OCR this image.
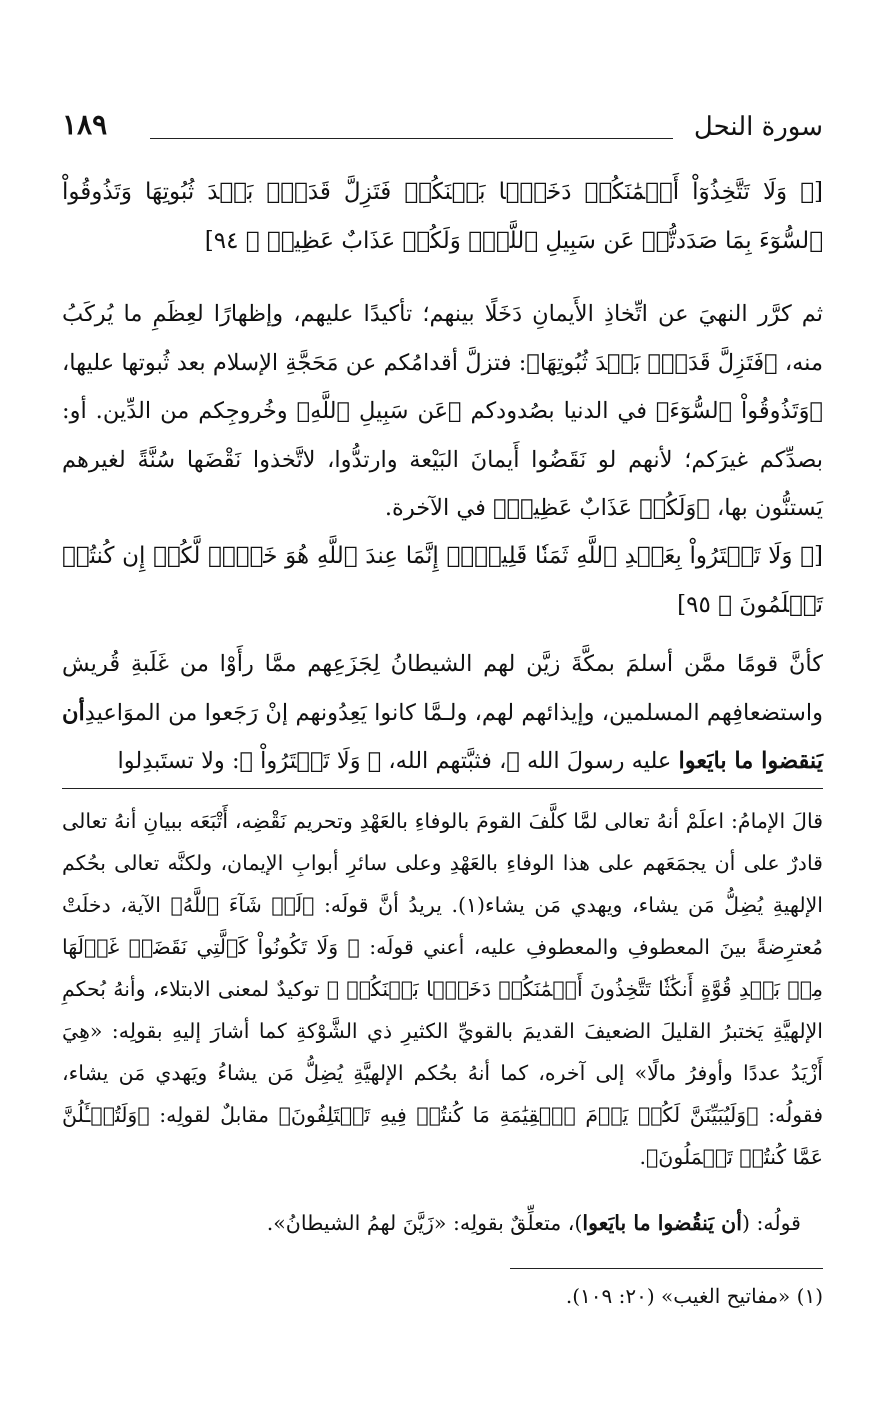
سورة النحل
١٨٩

[﴿ وَلَا تَتَّخِذُوٓاْ أَيۡمَٰنَكُمۡ دَخَلَۢا بَيۡنَكُمۡ فَتَزِلَّ قَدَمُۢ بَعۡدَ ثُبُوتِهَا وَتَذُوقُواْ ٱلسُّوٓءَ بِمَا صَدَدتُّمۡ عَن سَبِيلِ ٱللَّهِۖ وَلَكُمۡ عَذَابٌ عَظِيمٞ ﴾ ٩٤]

ثم كرَّر النهيَ عن اتِّخاذِ الأَيمانِ دَخَلًا بينهم؛ تأكيدًا عليهم، وإظهارًا لعِظَمِ ما يُركَبُ منه، ﴿فَتَزِلَّ قَدَمُۢ بَعۡدَ ثُبُوتِهَا﴾: فتزلَّ أقدامُكم عن مَحَجَّةِ الإسلام بعد ثُبوتها عليها، ﴿وَتَذُوقُواْ ٱلسُّوٓءَ﴾ في الدنيا بصُدودكم ﴿عَن سَبِيلِ ٱللَّهِ﴾ وخُروجِكم من الدِّين. أو: بصدِّكم غيرَكم؛ لأنهم لو نَقَضُوا أَيمانَ البَيْعة وارتدُّوا، لاتَّخذوا نَقْضَها سُنَّةً لغيرهم يَستنُّون بها، ﴿وَلَكُمۡ عَذَابٌ عَظِيمٞ﴾ في الآخرة.

[﴿ وَلَا تَشۡتَرُواْ بِعَهۡدِ ٱللَّهِ ثَمَنٗا قَلِيلًاۚ إِنَّمَا عِندَ ٱللَّهِ هُوَ خَيۡرٞ لَّكُمۡ إِن كُنتُمۡ تَعۡلَمُونَ ﴾ ٩٥]

كأنَّ قومًا ممَّن أسلمَ بمكَّةَ زيَّن لهم الشيطانُ لِجَزَعِهم ممَّا رأَوْا من غَلَبةِ قُريش واستضعافِهم المسلمين، وإيذائهم لهم، ولـمَّا كانوا يَعِدُونهم إنْ رَجَعوا من الموَاعيدِأن يَنقضوا ما بايَعوا عليه رسولَ الله ﷺ، فثبَّتهم الله، ﴿ وَلَا تَشۡتَرُواْ ﴾: ولا تستَبدِلوا

قالَ الإمامُ: اعلَمْ أنهُ تعالى لمَّا كلَّفَ القومَ بالوفاءِ بالعَهْدِ وتحريم نَقْضِه، أَتْبَعَه ببيانِ أنهُ تعالى قادرٌ على أن يجمَعَهم على هذا الوفاءِ بالعَهْدِ وعلى سائرِ أبوابِ الإيمان، ولكنَّه تعالى بحُكم الإلهيةِ يُضِلُّ مَن يشاء، ويهدي مَن يشاء(١). يريدُ أنَّ قولَه: ﴿لَوۡ شَآءَ ٱللَّهُ﴾ الآية، دخلَتْ مُعترِضةً بينَ المعطوفِ والمعطوفِ عليه، أعني قولَه: ﴿ وَلَا تَكُونُواْ كَٱلَّتِي نَقَضَتۡ غَزۡلَهَا مِنۢ بَعۡدِ قُوَّةٍ أَنكَٰثٗا تَتَّخِذُونَ أَيۡمَٰنَكُمۡ دَخَلَۢا بَيۡنَكُمۡ ﴾ توكيدٌ لمعنى الابتلاء، وأنهُ بُحكمِ الإلهيَّةِ يَختبرُ القليلَ الضعيفَ القديمَ بالقويِّ الكثيرِ ذي الشَّوْكةِ كما أشارَ إليهِ بقولِه: «هِيَ أَزْيَدُ عددًا وأوفرُ مالًا» إلى آخره، كما أنهُ بحُكم الإلهيَّةِ يُضِلُّ مَن يشاءُ ويَهدي مَن يشاء، فقولُه: ﴿وَلَيُبَيِّنَنَّ لَكُمۡ يَوۡمَ ٱلۡقِيَٰمَةِ مَا كُنتُمۡ فِيهِ تَخۡتَلِفُونَ﴾ مقابلٌ لقولِه: ﴿وَلَتُسۡـَٔلُنَّ عَمَّا كُنتُمۡ تَعۡمَلُونَ﴾.

قولُه: (أن يَنقُضوا ما بايَعوا)، متعلِّقٌ بقولِه: «زَيَّنَ لهمُ الشيطانُ».

(١) «مفاتيح الغيب» (٢٠: ١٠٩).
